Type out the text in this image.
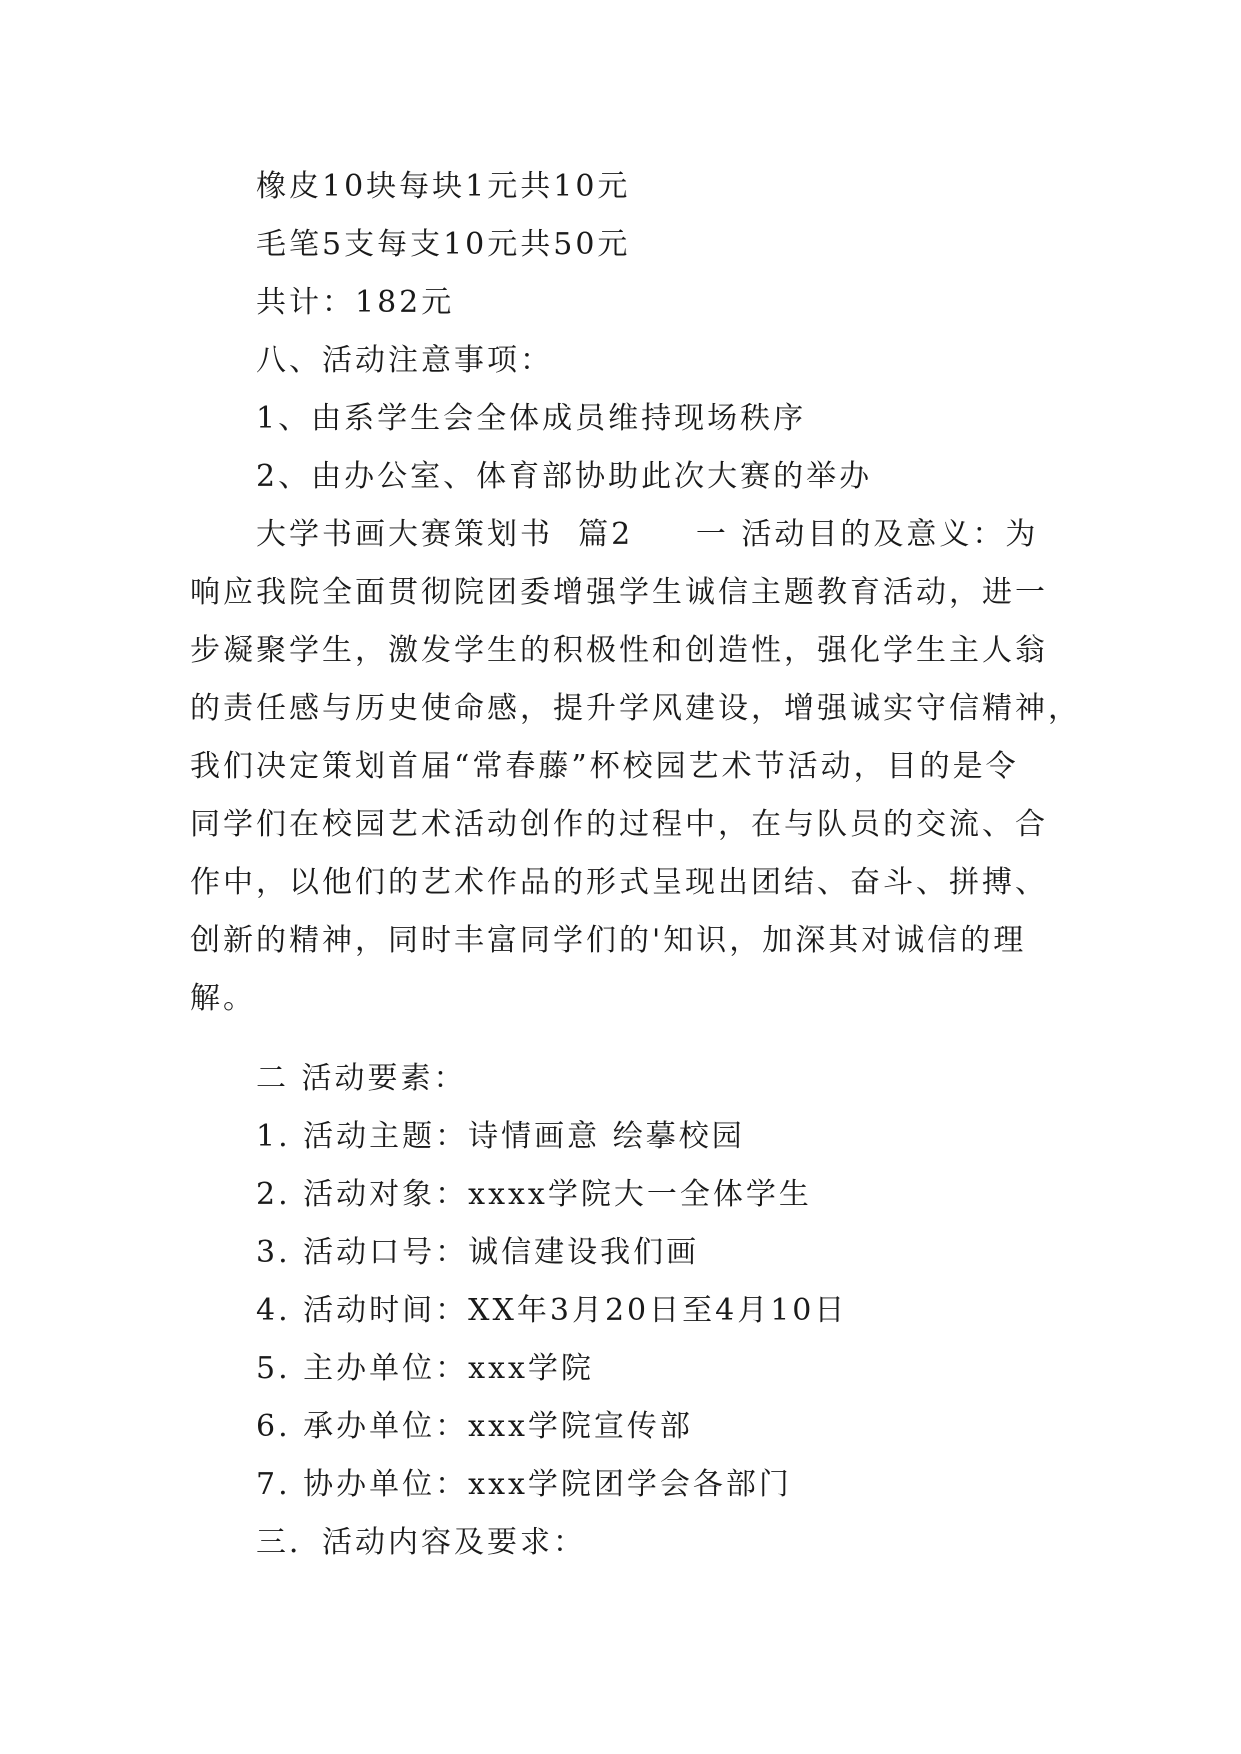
橡皮10块每块1元共10元
毛笔5支每支10元共50元
共计：182元
八、活动注意事项：
1、由系学生会全体成员维持现场秩序
2、由办公室、体育部协助此次大赛的举办
大学书画大赛策划书  篇2     一 活动目的及意义：为
响应我院全面贯彻院团委增强学生诚信主题教育活动，进一
步凝聚学生，激发学生的积极性和创造性，强化学生主人翁
的责任感与历史使命感，提升学风建设，增强诚实守信精神，
我们决定策划首届“常春藤”杯校园艺术节活动，目的是令
同学们在校园艺术活动创作的过程中，在与队员的交流、合
作中，以他们的艺术作品的形式呈现出团结、奋斗、拼搏、
创新的精神，同时丰富同学们的'知识，加深其对诚信的理
解。
二 活动要素：
1. 活动主题：诗情画意 绘摹校园
2. 活动对象：xxxx学院大一全体学生
3. 活动口号：诚信建设我们画
4. 活动时间：XX年3月20日至4月10日
5. 主办单位：xxx学院
6. 承办单位：xxx学院宣传部
7. 协办单位：xxx学院团学会各部门
三．活动内容及要求：
